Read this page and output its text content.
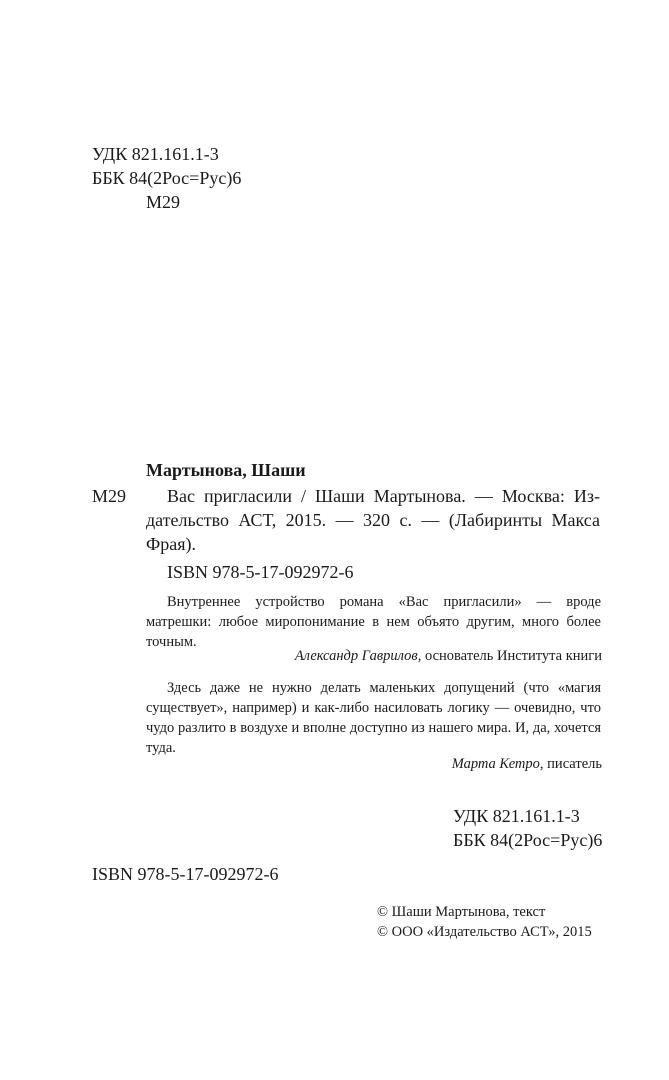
УДК 821.161.1-3
ББК 84(2Рос=Рус)6
М29
Мартынова, Шаши
М29 Вас пригласили / Шаши Мартынова. — Москва: Из-
дательство АСТ, 2015. — 320 с. — (Лабиринты Макса
Фрая).
ISBN 978-5-17-092972-6
Внутреннее устройство романа «Вас пригласили» — вроде матрешки: любое миропонимание в нем объято другим, много более точным.
Александр Гаврилов, основатель Института книги
Здесь даже не нужно делать маленьких допущений (что «магия существует», например) и как-либо насиловать логику — очевидно, что чудо разлито в воздухе и вполне доступно из нашего мира. И, да, хочется туда.
Марта Кетро, писатель
УДК 821.161.1-3
ББК 84(2Рос=Рус)6
ISBN 978-5-17-092972-6
© Шаши Мартынова, текст
© ООО «Издательство АСТ», 2015
